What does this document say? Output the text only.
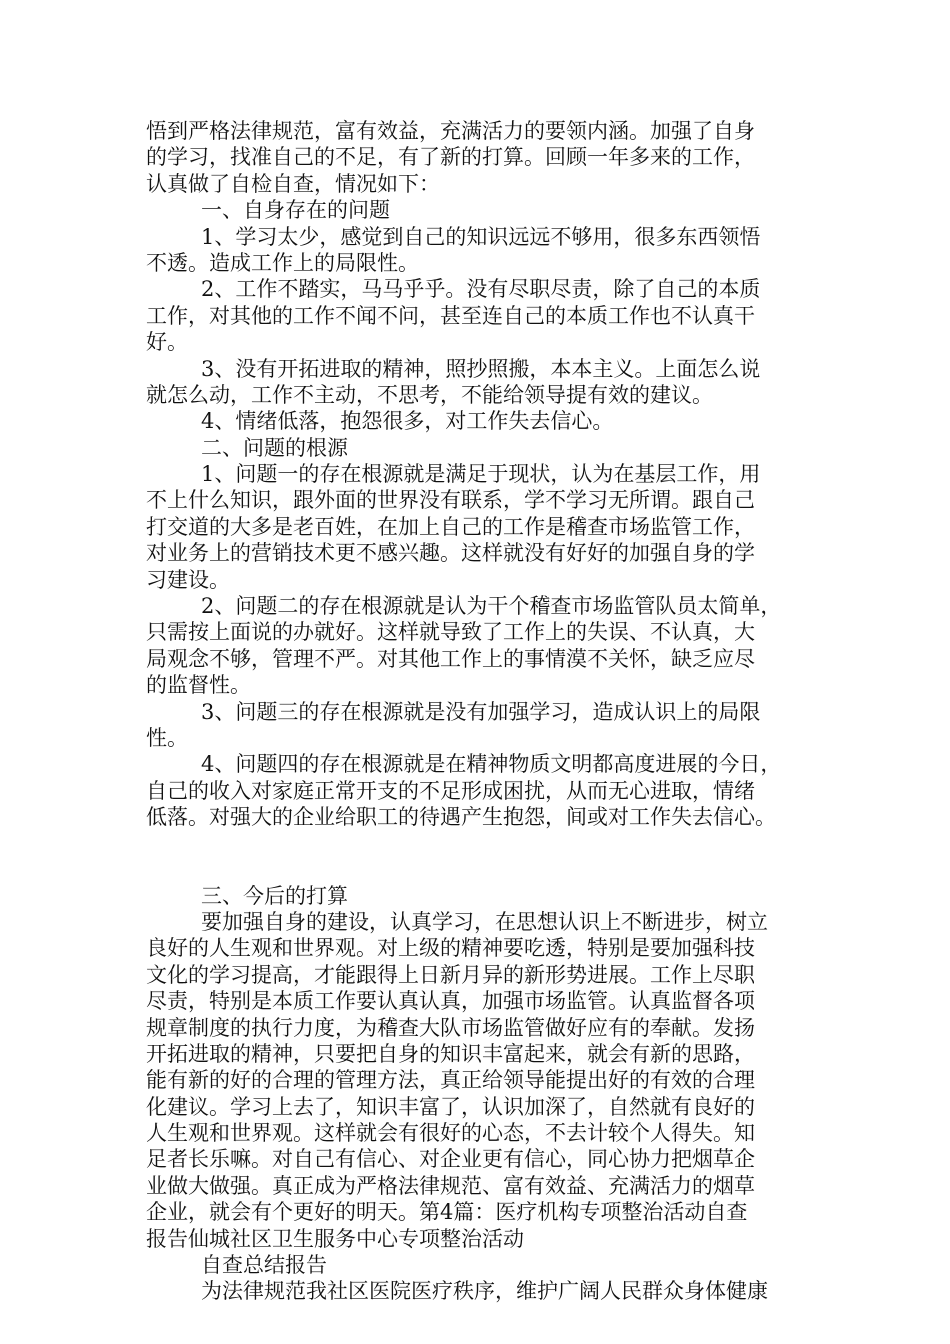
悟到严格法律规范，富有效益，充满活力的要领内涵。加强了自身
的学习，找准自己的不足，有了新的打算。回顾一年多来的工作，
认真做了自检自查，情况如下：
一、自身存在的问题
1、学习太少，感觉到自己的知识远远不够用，很多东西领悟
不透。造成工作上的局限性。
2、工作不踏实，马马乎乎。没有尽职尽责，除了自己的本质
工作，对其他的工作不闻不问，甚至连自己的本质工作也不认真干
好。
3、没有开拓进取的精神，照抄照搬，本本主义。上面怎么说
就怎么动，工作不主动，不思考，不能给领导提有效的建议。
4、情绪低落，抱怨很多，对工作失去信心。
二、问题的根源
1、问题一的存在根源就是满足于现状，认为在基层工作，用
不上什么知识，跟外面的世界没有联系，学不学习无所谓。跟自己
打交道的大多是老百姓，在加上自己的工作是稽查市场监管工作，
对业务上的营销技术更不感兴趣。这样就没有好好的加强自身的学
习建设。
2、问题二的存在根源就是认为干个稽查市场监管队员太简单，
只需按上面说的办就好。这样就导致了工作上的失误、不认真，大
局观念不够，管理不严。对其他工作上的事情漠不关怀，缺乏应尽
的监督性。
3、问题三的存在根源就是没有加强学习，造成认识上的局限
性。
4、问题四的存在根源就是在精神物质文明都高度进展的今日，
自己的收入对家庭正常开支的不足形成困扰，从而无心进取，情绪
低落。对强大的企业给职工的待遇产生抱怨，间或对工作失去信心。
三、今后的打算
要加强自身的建设，认真学习，在思想认识上不断进步，树立
良好的人生观和世界观。对上级的精神要吃透，特别是要加强科技
文化的学习提高，才能跟得上日新月异的新形势进展。工作上尽职
尽责，特别是本质工作要认真认真，加强市场监管。认真监督各项
规章制度的执行力度，为稽查大队市场监管做好应有的奉献。发扬
开拓进取的精神，只要把自身的知识丰富起来，就会有新的思路，
能有新的好的合理的管理方法，真正给领导能提出好的有效的合理
化建议。学习上去了，知识丰富了，认识加深了，自然就有良好的
人生观和世界观。这样就会有很好的心态，不去计较个人得失。知
足者长乐嘛。对自己有信心、对企业更有信心，同心协力把烟草企
业做大做强。真正成为严格法律规范、富有效益、充满活力的烟草
企业，就会有个更好的明天。第4篇：医疗机构专项整治活动自查
报告仙城社区卫生服务中心专项整治活动
自查总结报告
为法律规范我社区医院医疗秩序，维护广阔人民群众身体健康
